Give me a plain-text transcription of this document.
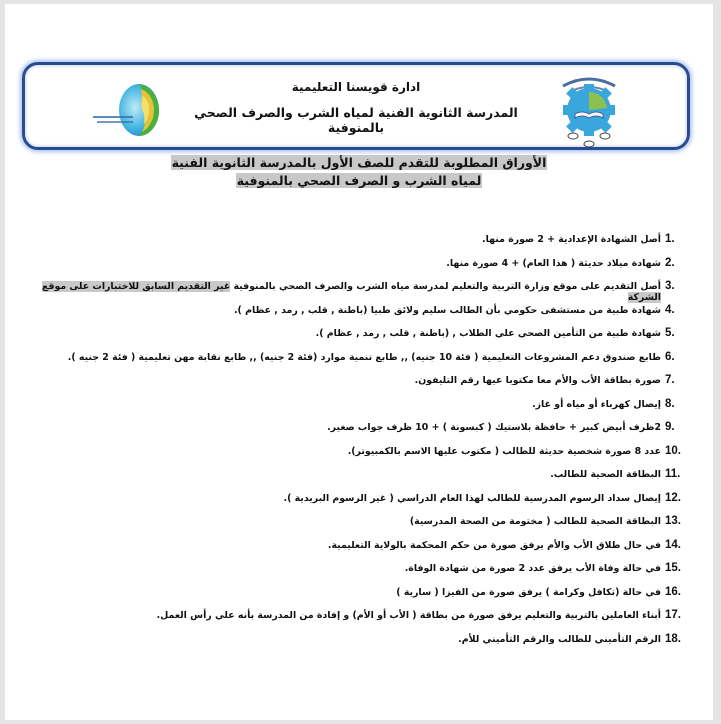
ادارة قويسنا التعليمية
المدرسة الثانوية الفنية لمياه الشرب والصرف الصحي بالمنوفية
الأوراق المطلوبة للتقدم للصف الأول بالمدرسة الثانوية الفنية
لمياه الشرب و الصرف الصحي بالمنوفية
1.
أصل الشهادة الإعدادية + 2 صورة منها.
2.
شهادة ميلاد حديثة ( هذا العام) + 4 صورة منها.
3.
أصل التقديم على موقع وزارة التربية والتعليم لمدرسة مياه الشرب والصرف الصحي بالمنوفية غير التقديم السابق للاختبارات على موقع الشركة
4.
شهادة طبية من مستشفى حكومي بأن الطالب سليم ولائق طبيا (باطنة , قلب , رمد , عظام ).
5.
شهادة طبية من التأمين الصحي علي الطلاب , (باطنة , قلب , رمد , عظام ).
6.
طابع صندوق دعم المشروعات التعليمية ( فئة 10 جنيه) ,, طابع تنمية موارد (فئة 2 جنيه) ,, طابع نقابة مهن تعليمية ( فئة 2 جنيه ).
7.
صورة بطاقة الأب والأم معا مكتوبا عيها رقم التليفون.
8.
إيصال كهرباء أو مياه أو غاز.
9.
2ظرف أبيض كبير + حافظة بلاستيك ( كبسونة ) + 10 ظرف جواب صغير.
10.
عدد 8 صورة شخصية حديثة للطالب ( مكتوب عليها الاسم بالكمبيوتر).
11.
البطاقة الصحية للطالب.
12.
إيصال سداد الرسوم المدرسية للطالب لهذا العام الدراسي ( غير الرسوم البريدية ).
13.
البطاقة الصحية للطالب ( مختومة من الصحة المدرسية)
14.
في حال طلاق الأب والأم يرفق صورة من حكم المحكمة بالولاية التعليمية.
15.
في حالة وفاة الأب يرفق عدد 2 صورة من شهادة الوفاة.
16.
في حالة (تكافل وكرامة ) يرفق صورة من الفيزا ( سارية )
17.
أبناء العاملين بالتربية والتعليم يرفق صورة من بطاقة ( الأب أو الأم) و إفادة من المدرسة بأنه علي رأس العمل.
18.
الرقم التأميني للطالب والرقم التأميني للأم.
